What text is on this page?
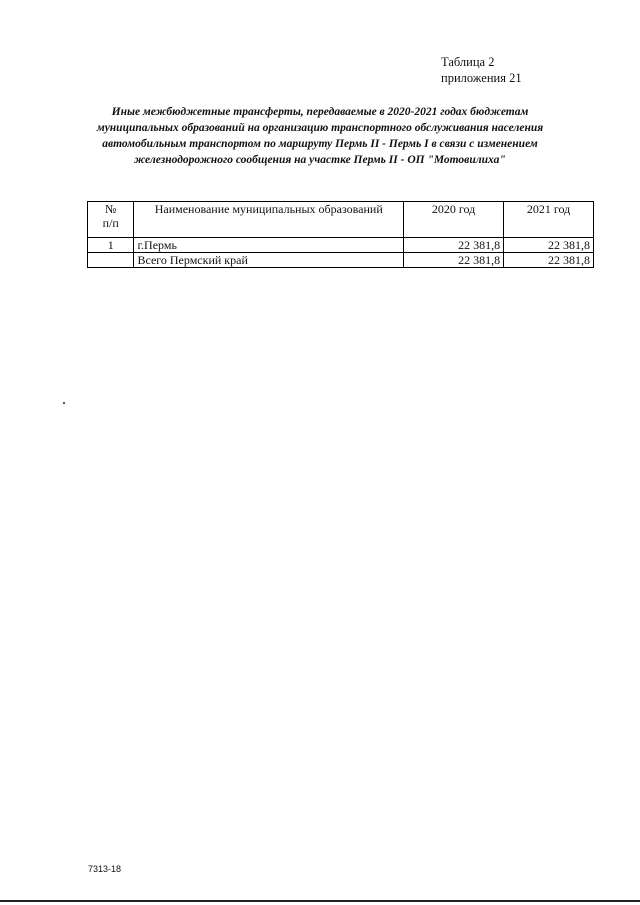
Таблица 2
приложения 21
Иные межбюджетные трансферты, передаваемые в 2020-2021 годах бюджетам
муниципальных образований на организацию транспортного обслуживания населения
автомобильным транспортом по маршруту Пермь II - Пермь I в связи с изменением
железнодорожного сообщения на участке Пермь II - ОП "Мотовилиха"
№
п/п	Наименование муниципальных образований	2020 год	2021 год
1	г.Пермь	22 381,8	22 381,8
	Всего Пермский край	22 381,8	22 381,8
7313-18
